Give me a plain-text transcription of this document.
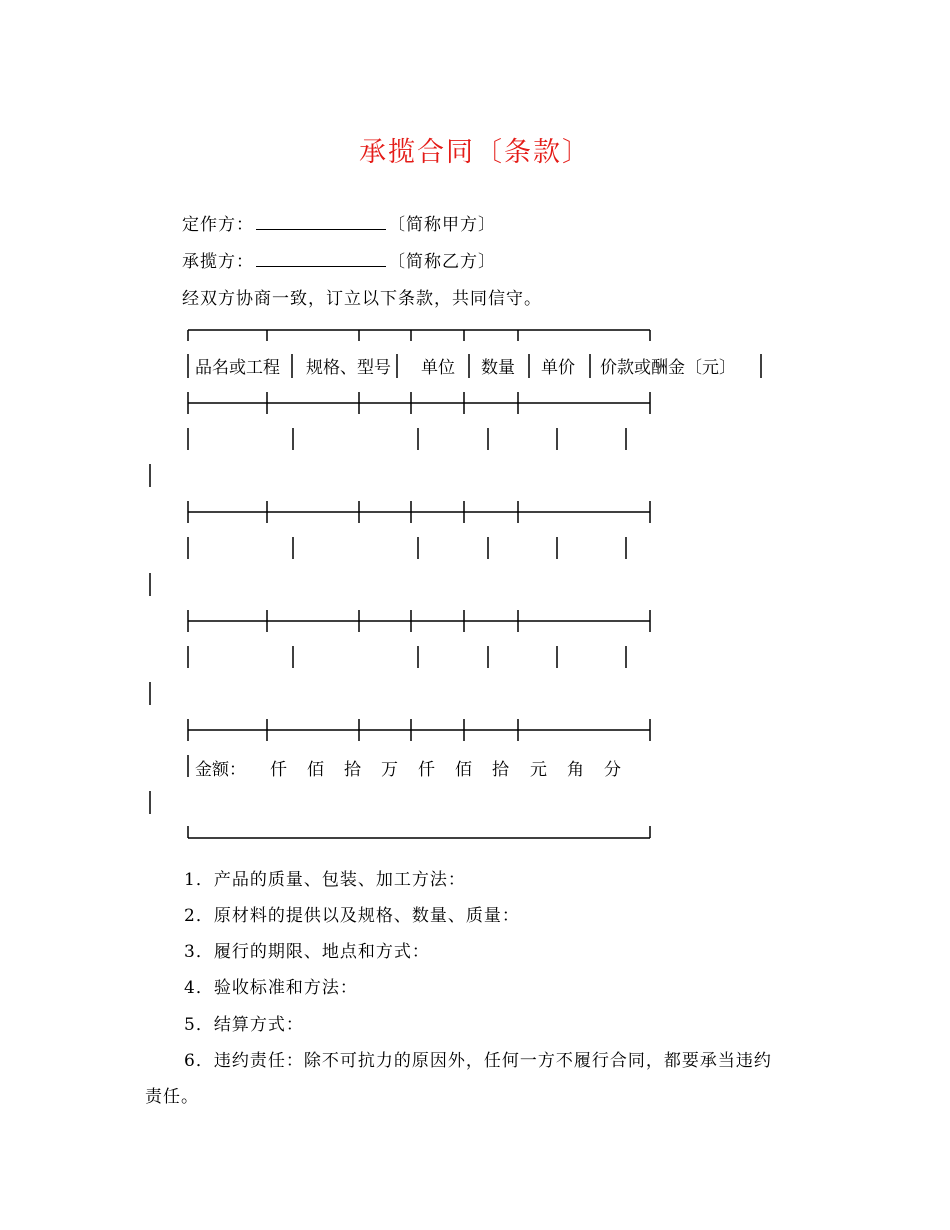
承揽合同〔条款〕
定作方：	〔简称甲方〕
承揽方：	〔简称乙方〕
经双方协商一致，订立以下条款，共同信守。
品名或工程 规格、型号 单位 数量 单价 价款或酬金〔元〕
金额： 仟 佰 拾 万 仟 佰 拾 元 角 分
1．产品的质量、包装、加工方法：
2．原材料的提供以及规格、数量、质量：
3．履行的期限、地点和方式：
4．验收标准和方法：
5．结算方式：
6．违约责任：除不可抗力的原因外，任何一方不履行合同，都要承当违约
责任。
